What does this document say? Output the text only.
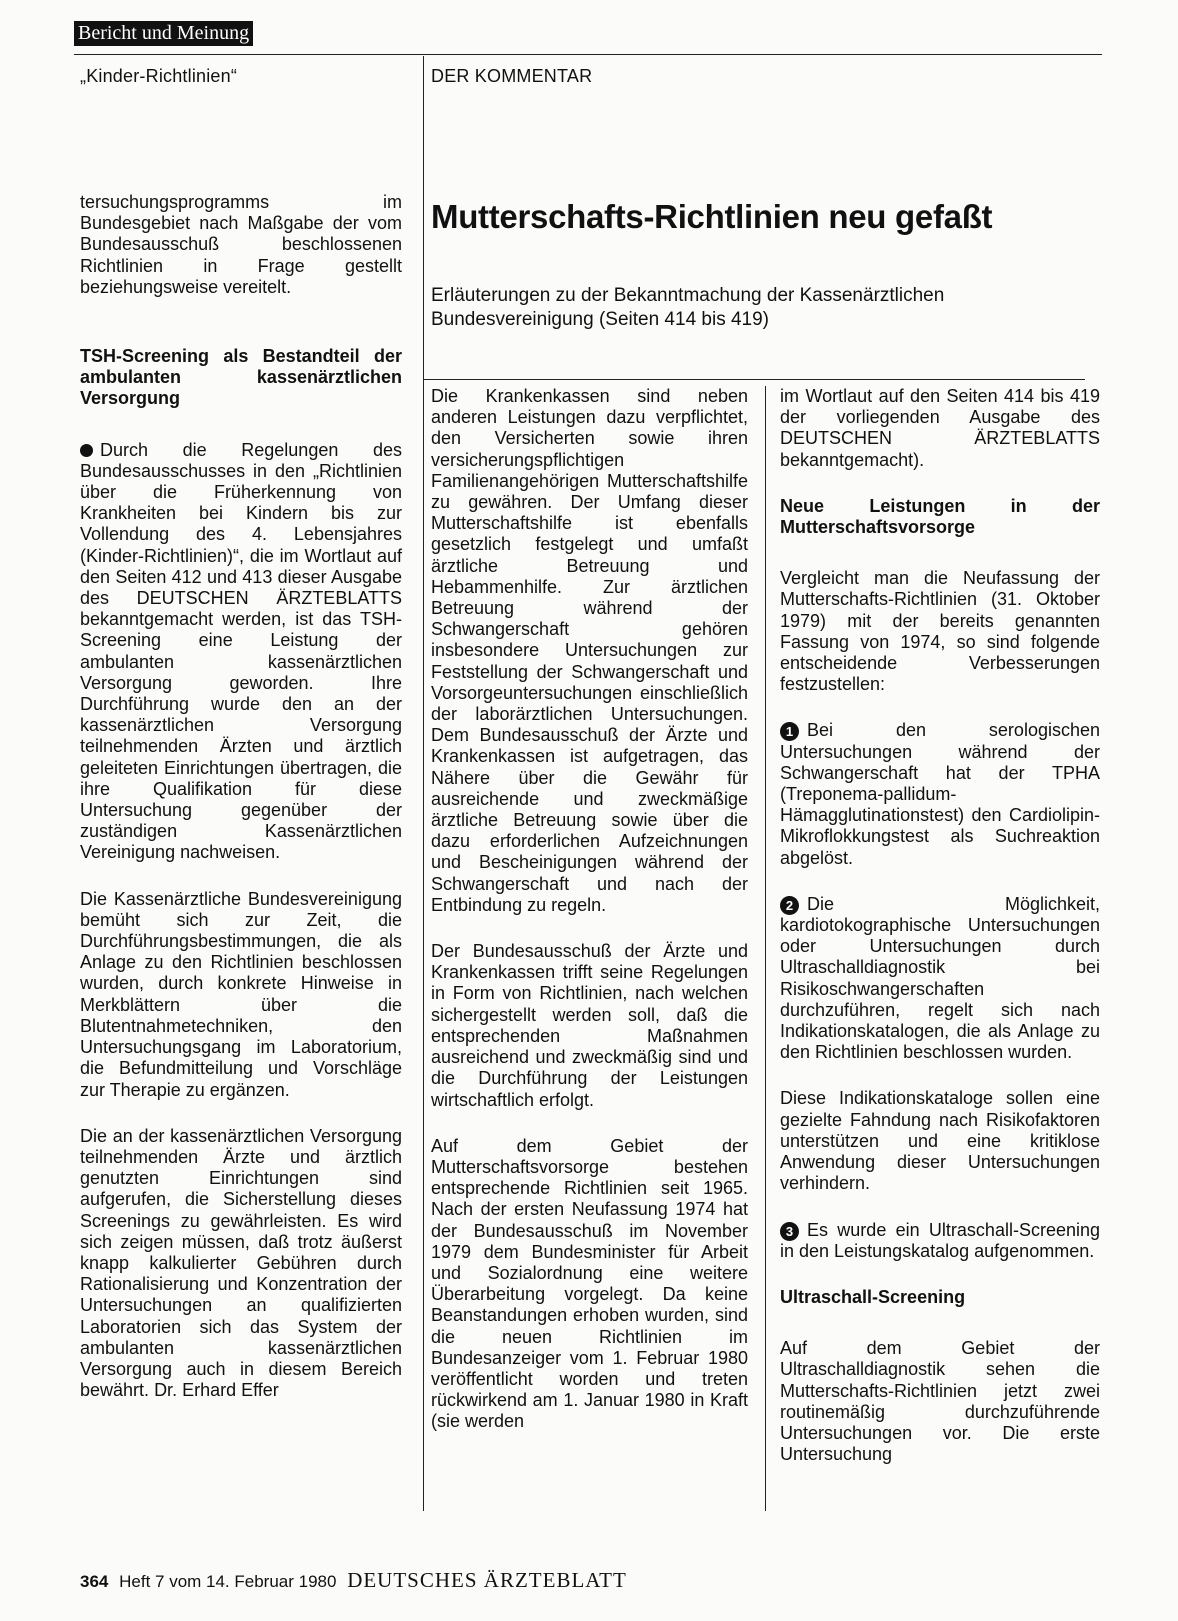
Bericht und Meinung
„Kinder-Richtlinien“	DER KOMMENTAR
Mutterschafts-Richtlinien neu gefaßt
Erläuterungen zu der Bekanntmachung der Kassenärztlichen Bundesvereinigung (Seiten 414 bis 419)

tersuchungsprogramms im Bundesgebiet nach Maßgabe der vom Bundesausschuß beschlossenen Richtlinien in Frage gestellt beziehungsweise vereitelt.

TSH-Screening als Bestandteil der ambulanten kassenärztlichen Versorgung

Durch die Regelungen des Bundesausschusses in den „Richtlinien über die Früherkennung von Krankheiten bei Kindern bis zur Vollendung des 4. Lebensjahres (Kinder-Richtlinien)“, die im Wortlaut auf den Seiten 412 und 413 dieser Ausgabe des DEUTSCHEN ÄRZTEBLATTS bekanntgemacht werden, ist das TSH-Screening eine Leistung der ambulanten kassenärztlichen Versorgung geworden. Ihre Durchführung wurde den an der kassenärztlichen Versorgung teilnehmenden Ärzten und ärztlich geleiteten Einrichtungen übertragen, die ihre Qualifikation für diese Untersuchung gegenüber der zuständigen Kassenärztlichen Vereinigung nachweisen.

Die Kassenärztliche Bundesvereinigung bemüht sich zur Zeit, die Durchführungsbestimmungen, die als Anlage zu den Richtlinien beschlossen wurden, durch konkrete Hinweise in Merkblättern über die Blutentnahmetechniken, den Untersuchungsgang im Laboratorium, die Befundmitteilung und Vorschläge zur Therapie zu ergänzen.

Die an der kassenärztlichen Versorgung teilnehmenden Ärzte und ärztlich genutzten Einrichtungen sind aufgerufen, die Sicherstellung dieses Screenings zu gewährleisten. Es wird sich zeigen müssen, daß trotz äußerst knapp kalkulierter Gebühren durch Rationalisierung und Konzentration der Untersuchungen an qualifizierten Laboratorien sich das System der ambulanten kassenärztlichen Versorgung auch in diesem Bereich bewährt. Dr. Erhard Effer

Die Krankenkassen sind neben anderen Leistungen dazu verpflichtet, den Versicherten sowie ihren versicherungspflichtigen Familienangehörigen Mutterschaftshilfe zu gewähren. Der Umfang dieser Mutterschaftshilfe ist ebenfalls gesetzlich festgelegt und umfaßt ärztliche Betreuung und Hebammenhilfe. Zur ärztlichen Betreuung während der Schwangerschaft gehören insbesondere Untersuchungen zur Feststellung der Schwangerschaft und Vorsorgeuntersuchungen einschließlich der laborärztlichen Untersuchungen. Dem Bundesausschuß der Ärzte und Krankenkassen ist aufgetragen, das Nähere über die Gewähr für ausreichende und zweckmäßige ärztliche Betreuung sowie über die dazu erforderlichen Aufzeichnungen und Bescheinigungen während der Schwangerschaft und nach der Entbindung zu regeln.

Der Bundesausschuß der Ärzte und Krankenkassen trifft seine Regelungen in Form von Richtlinien, nach welchen sichergestellt werden soll, daß die entsprechenden Maßnahmen ausreichend und zweckmäßig sind und die Durchführung der Leistungen wirtschaftlich erfolgt.

Auf dem Gebiet der Mutterschaftsvorsorge bestehen entsprechende Richtlinien seit 1965. Nach der ersten Neufassung 1974 hat der Bundesausschuß im November 1979 dem Bundesminister für Arbeit und Sozialordnung eine weitere Überarbeitung vorgelegt. Da keine Beanstandungen erhoben wurden, sind die neuen Richtlinien im Bundesanzeiger vom 1. Februar 1980 veröffentlicht worden und treten rückwirkend am 1. Januar 1980 in Kraft (sie werden

im Wortlaut auf den Seiten 414 bis 419 der vorliegenden Ausgabe des DEUTSCHEN ÄRZTEBLATTS bekanntgemacht).

Neue Leistungen in der Mutterschaftsvorsorge

Vergleicht man die Neufassung der Mutterschafts-Richtlinien (31. Oktober 1979) mit der bereits genannten Fassung von 1974, so sind folgende entscheidende Verbesserungen festzustellen:

1 Bei den serologischen Untersuchungen während der Schwangerschaft hat der TPHA (Treponema-pallidum-Hämagglutinationstest) den Cardiolipin-Mikroflokkungstest als Suchreaktion abgelöst.

2 Die Möglichkeit, kardiotokographische Untersuchungen oder Untersuchungen durch Ultraschalldiagnostik bei Risikoschwangerschaften durchzuführen, regelt sich nach Indikationskatalogen, die als Anlage zu den Richtlinien beschlossen wurden.

Diese Indikationskataloge sollen eine gezielte Fahndung nach Risikofaktoren unterstützen und eine kritiklose Anwendung dieser Untersuchungen verhindern.

3 Es wurde ein Ultraschall-Screening in den Leistungskatalog aufgenommen.

Ultraschall-Screening

Auf dem Gebiet der Ultraschalldiagnostik sehen die Mutterschafts-Richtlinien jetzt zwei routinemäßig durchzuführende Untersuchungen vor. Die erste Untersuchung

364 Heft 7 vom 14. Februar 1980 DEUTSCHES ÄRZTEBLATT
